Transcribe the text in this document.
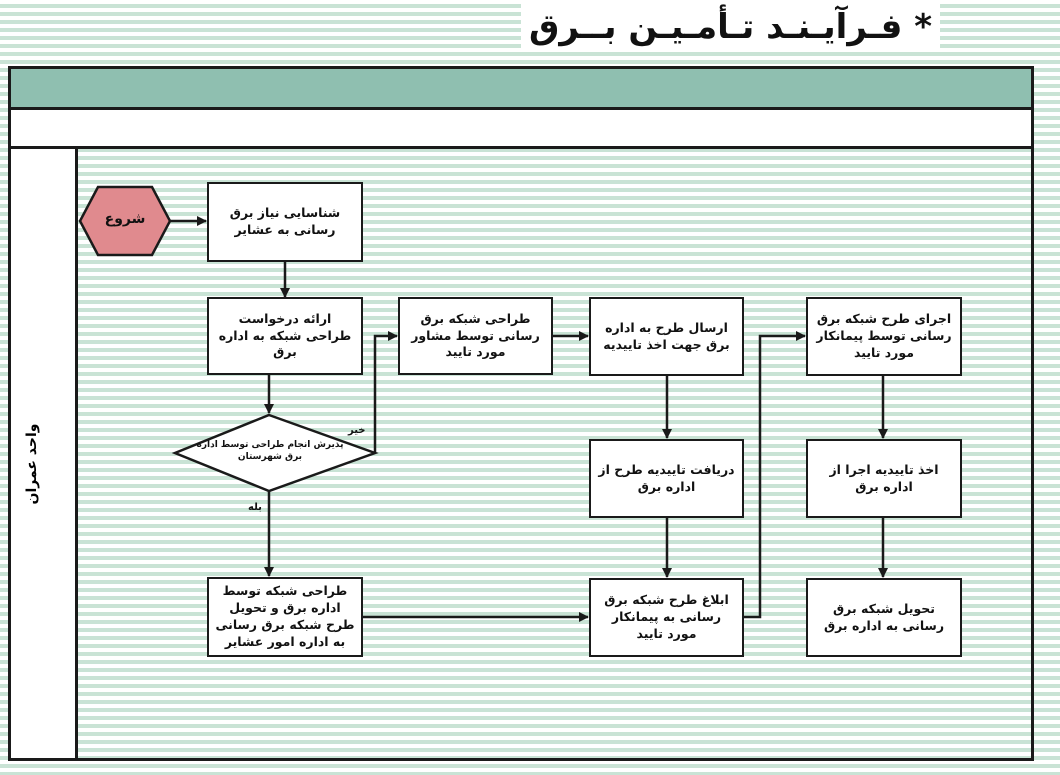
* فـرآیـنـد تـأمـیـن بــرق
واحد عمران
شروع
پذیرش انجام طراحی توسط اداره برق شهرستان
خیر
بله
شناسایی نیاز برق رسانی به عشایر
ارائه درخواست طراحی شبکه به اداره برق
طراحی شبکه برق رسانی توسط مشاور مورد تایید
ارسال طرح به اداره برق جهت اخذ تاییدیه
اجرای طرح شبکه برق رسانی توسط پیمانکار مورد تایید
دریافت تاییدیه طرح از اداره برق
اخذ تاییدیه اجرا از اداره برق
طراحی شبکه توسط اداره برق و تحویل طرح شبکه برق رسانی به اداره امور عشایر
ابلاغ طرح شبکه برق رسانی به پیمانکار مورد تایید
تحویل شبکه برق رسانی به اداره برق
